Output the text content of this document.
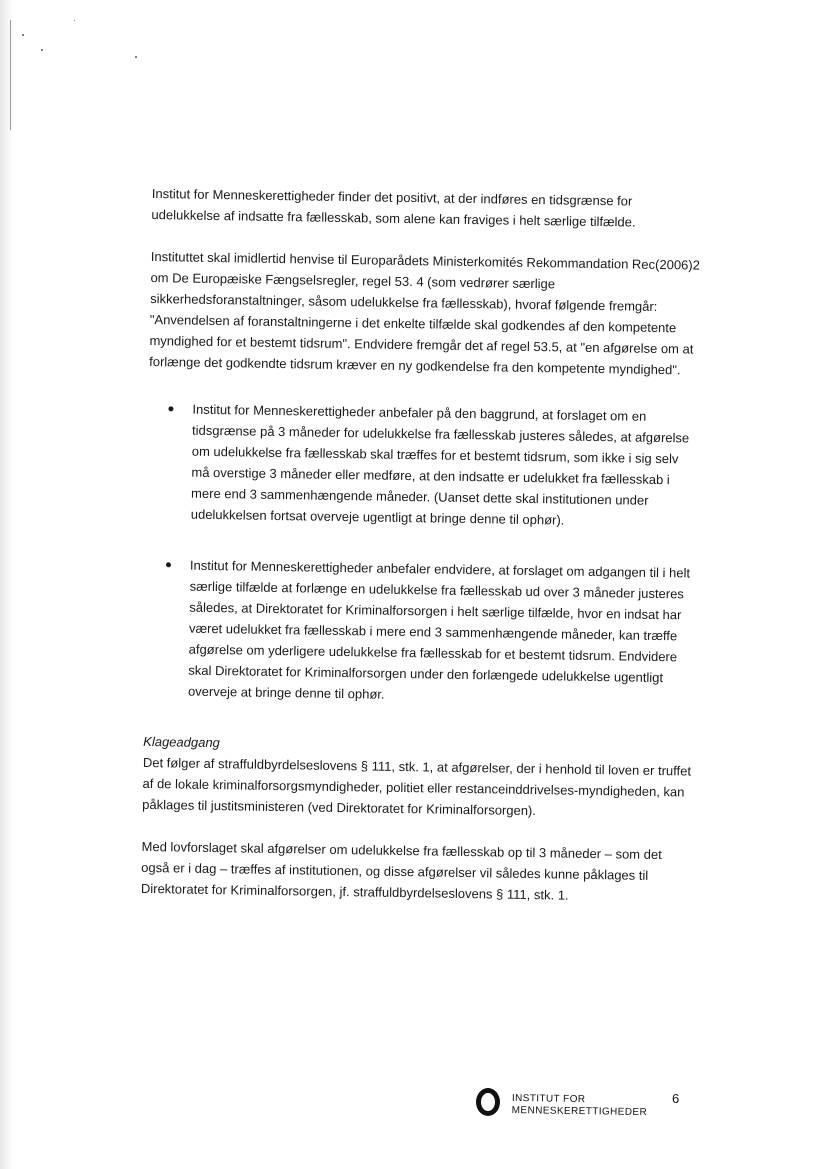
Institut for Menneskerettigheder finder det positivt, at der indføres en tidsgrænse for udelukkelse af indsatte fra fællesskab, som alene kan fraviges i helt særlige tilfælde.

Instituttet skal imidlertid henvise til Europarådets Ministerkomités Rekommandation Rec(2006)2 om De Europæiske Fængselsregler, regel 53. 4 (som vedrører særlige sikkerhedsforanstaltninger, såsom udelukkelse fra fællesskab), hvoraf følgende fremgår: "Anvendelsen af foranstaltningerne i det enkelte tilfælde skal godkendes af den kompetente myndighed for et bestemt tidsrum". Endvidere fremgår det af regel 53.5, at "en afgørelse om at forlænge det godkendte tidsrum kræver en ny godkendelse fra den kompetente myndighed".

Institut for Menneskerettigheder anbefaler på den baggrund, at forslaget om en tidsgrænse på 3 måneder for udelukkelse fra fællesskab justeres således, at afgørelse om udelukkelse fra fællesskab skal træffes for et bestemt tidsrum, som ikke i sig selv må overstige 3 måneder eller medføre, at den indsatte er udelukket fra fællesskab i mere end 3 sammenhængende måneder. (Uanset dette skal institutionen under udelukkelsen fortsat overveje ugentligt at bringe denne til ophør).
Institut for Menneskerettigheder anbefaler endvidere, at forslaget om adgangen til i helt særlige tilfælde at forlænge en udelukkelse fra fællesskab ud over 3 måneder justeres således, at Direktoratet for Kriminalforsorgen i helt særlige tilfælde, hvor en indsat har været udelukket fra fællesskab i mere end 3 sammenhængende måneder, kan træffe afgørelse om yderligere udelukkelse fra fællesskab for et bestemt tidsrum. Endvidere skal Direktoratet for Kriminalforsorgen under den forlængede udelukkelse ugentligt overveje at bringe denne til ophør.

Klageadgang

Det følger af straffuldbyrdelseslovens § 111, stk. 1, at afgørelser, der i henhold til loven er truffet af de lokale kriminalforsorgsmyndigheder, politiet eller restanceinddrivelses-myndigheden, kan påklages til justitsministeren (ved Direktoratet for Kriminalforsorgen).

Med lovforslaget skal afgørelser om udelukkelse fra fællesskab op til 3 måneder – som det også er i dag – træffes af institutionen, og disse afgørelser vil således kunne påklages til Direktoratet for Kriminalforsorgen, jf. straffuldbyrdelseslovens § 111, stk. 1.

INSTITUT FOR
MENNESKERETTIGHEDER
6
